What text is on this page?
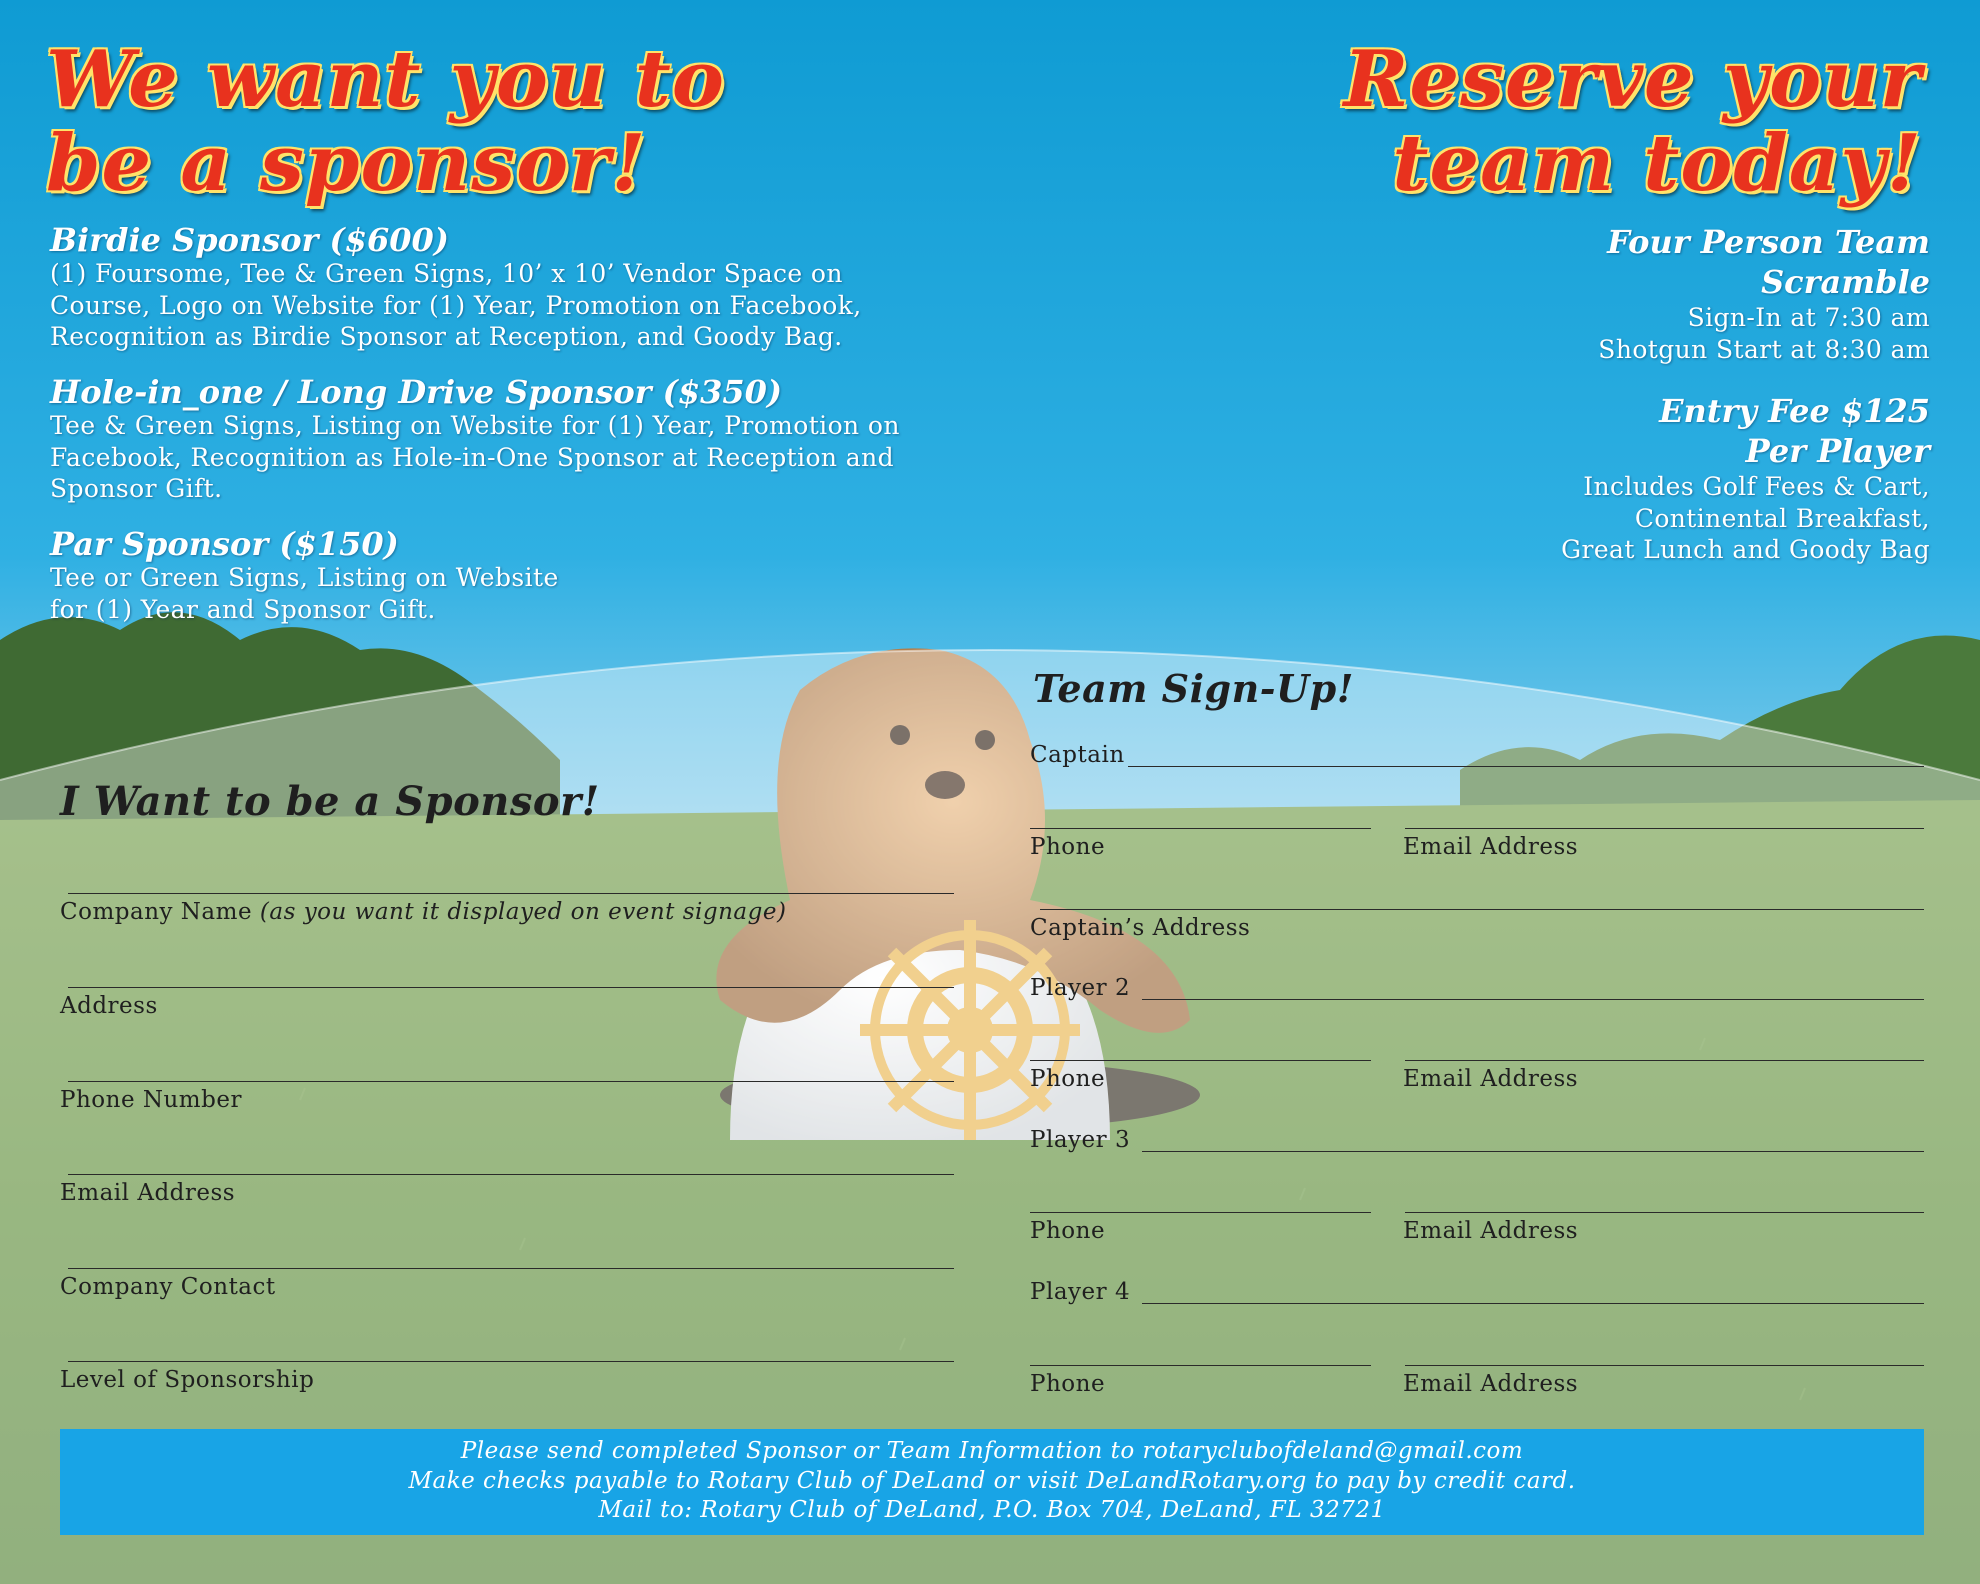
We want you to
be a sponsor!
Reserve your
team today!
Birdie Sponsor ($600)
(1) Foursome, Tee & Green Signs, 10’ x 10’ Vendor Space on
Course, Logo on Website for (1) Year, Promotion on Facebook,
Recognition as Birdie Sponsor at Reception, and Goody Bag.
Hole-in_one / Long Drive Sponsor ($350)
Tee & Green Signs, Listing on Website for (1) Year, Promotion on
Facebook, Recognition as Hole-in-One Sponsor at Reception and
Sponsor Gift.
Par Sponsor ($150)
Tee or Green Signs, Listing on Website
for (1) Year and Sponsor Gift.
Four Person Team
Scramble
Sign-In at 7:30 am
Shotgun Start at 8:30 am
Entry Fee $125
Per Player
Includes Golf Fees & Cart,
Continental Breakfast,
Great Lunch and Goody Bag
I Want to be a Sponsor!
Company Name (as you want it displayed on event signage)
Address
Phone Number
Email Address
Company Contact
Level of Sponsorship
Team Sign-Up!
Captain
Phone	Email Address
Captain’s Address
Player 2
Phone	Email Address
Player 3
Phone	Email Address
Player 4
Phone	Email Address

Please send completed Sponsor or Team Information to rotaryclubofdeland@gmail.com

Make checks payable to Rotary Club of DeLand or visit DeLandRotary.org to pay by credit card.

Mail to: Rotary Club of DeLand, P.O. Box 704, DeLand, FL 32721
